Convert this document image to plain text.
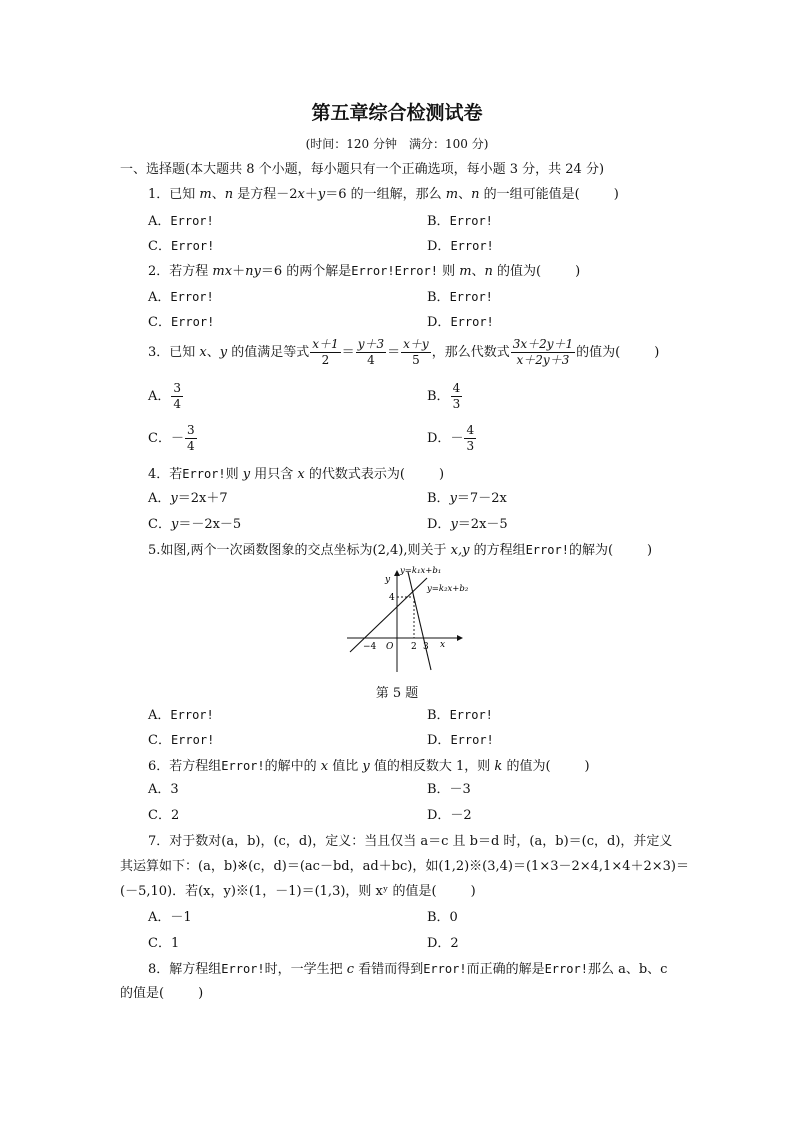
第五章综合检测试卷
(时间：120 分钟　满分：100 分)
一、选择题(本大题共 8 个小题，每小题只有一个正确选项，每小题 3 分，共 24 分)
1．已知 m、n 是方程－2x＋y＝6 的一组解，那么 m、n 的一组可能值是(	)
A．Error!	B．Error!
C．Error!	D．Error!
2．若方程 mx＋ny＝6 的两个解是Error!Error! 则 m、n 的值为(	)
A．Error!	B．Error!
C．Error!	D．Error!
3．已知 x、y 的值满足等式 $\frac{x+1}{2} = \frac{y+3}{4} = \frac{x+y}{5}$ ，那么代数式 $\frac{3x+2y+1}{x+2y+3}$ 的值为(	)
A． $\frac{3}{4}$	B． $\frac{4}{3}$
C．－ $\frac{3}{4}$	D．－ $\frac{4}{3}$
4．若Error!则 y 用只含 x 的代数式表示为(	)
A．y＝2x＋7	B．y＝7－2x
C．y＝－2x－5	D．y＝2x－5
5.如图,两个一次函数图象的交点坐标为(2,4),则关于 x,y 的方程组Error!的解为(	)
y=k₁x+b₁
y=k₂x+b₂
y
x
O
4
−4	2 3
第 5 题
A．Error!	B．Error!
C．Error!	D．Error!
6．若方程组Error!的解中的 x 值比 y 值的相反数大 1，则 k 的值为(	)
A．3	B．－3
C．2	D．－2
7．对于数对(a，b)，(c，d)，定义：当且仅当 a＝c 且 b＝d 时，(a，b)＝(c，d)，并定义
其运算如下：(a，b)※(c，d)＝(ac－bd，ad＋bc)，如(1,2)※(3,4)＝(1×3－2×4,1×4＋2×3)＝
(－5,10)．若(x，y)※(1，－1)＝(1,3)，则 xʸ 的值是(	)
A．－1	B．0
C．1	D．2
8．解方程组Error!时，一学生把 c 看错而得到Error!而正确的解是Error!那么 a、b、c
的值是(	)
